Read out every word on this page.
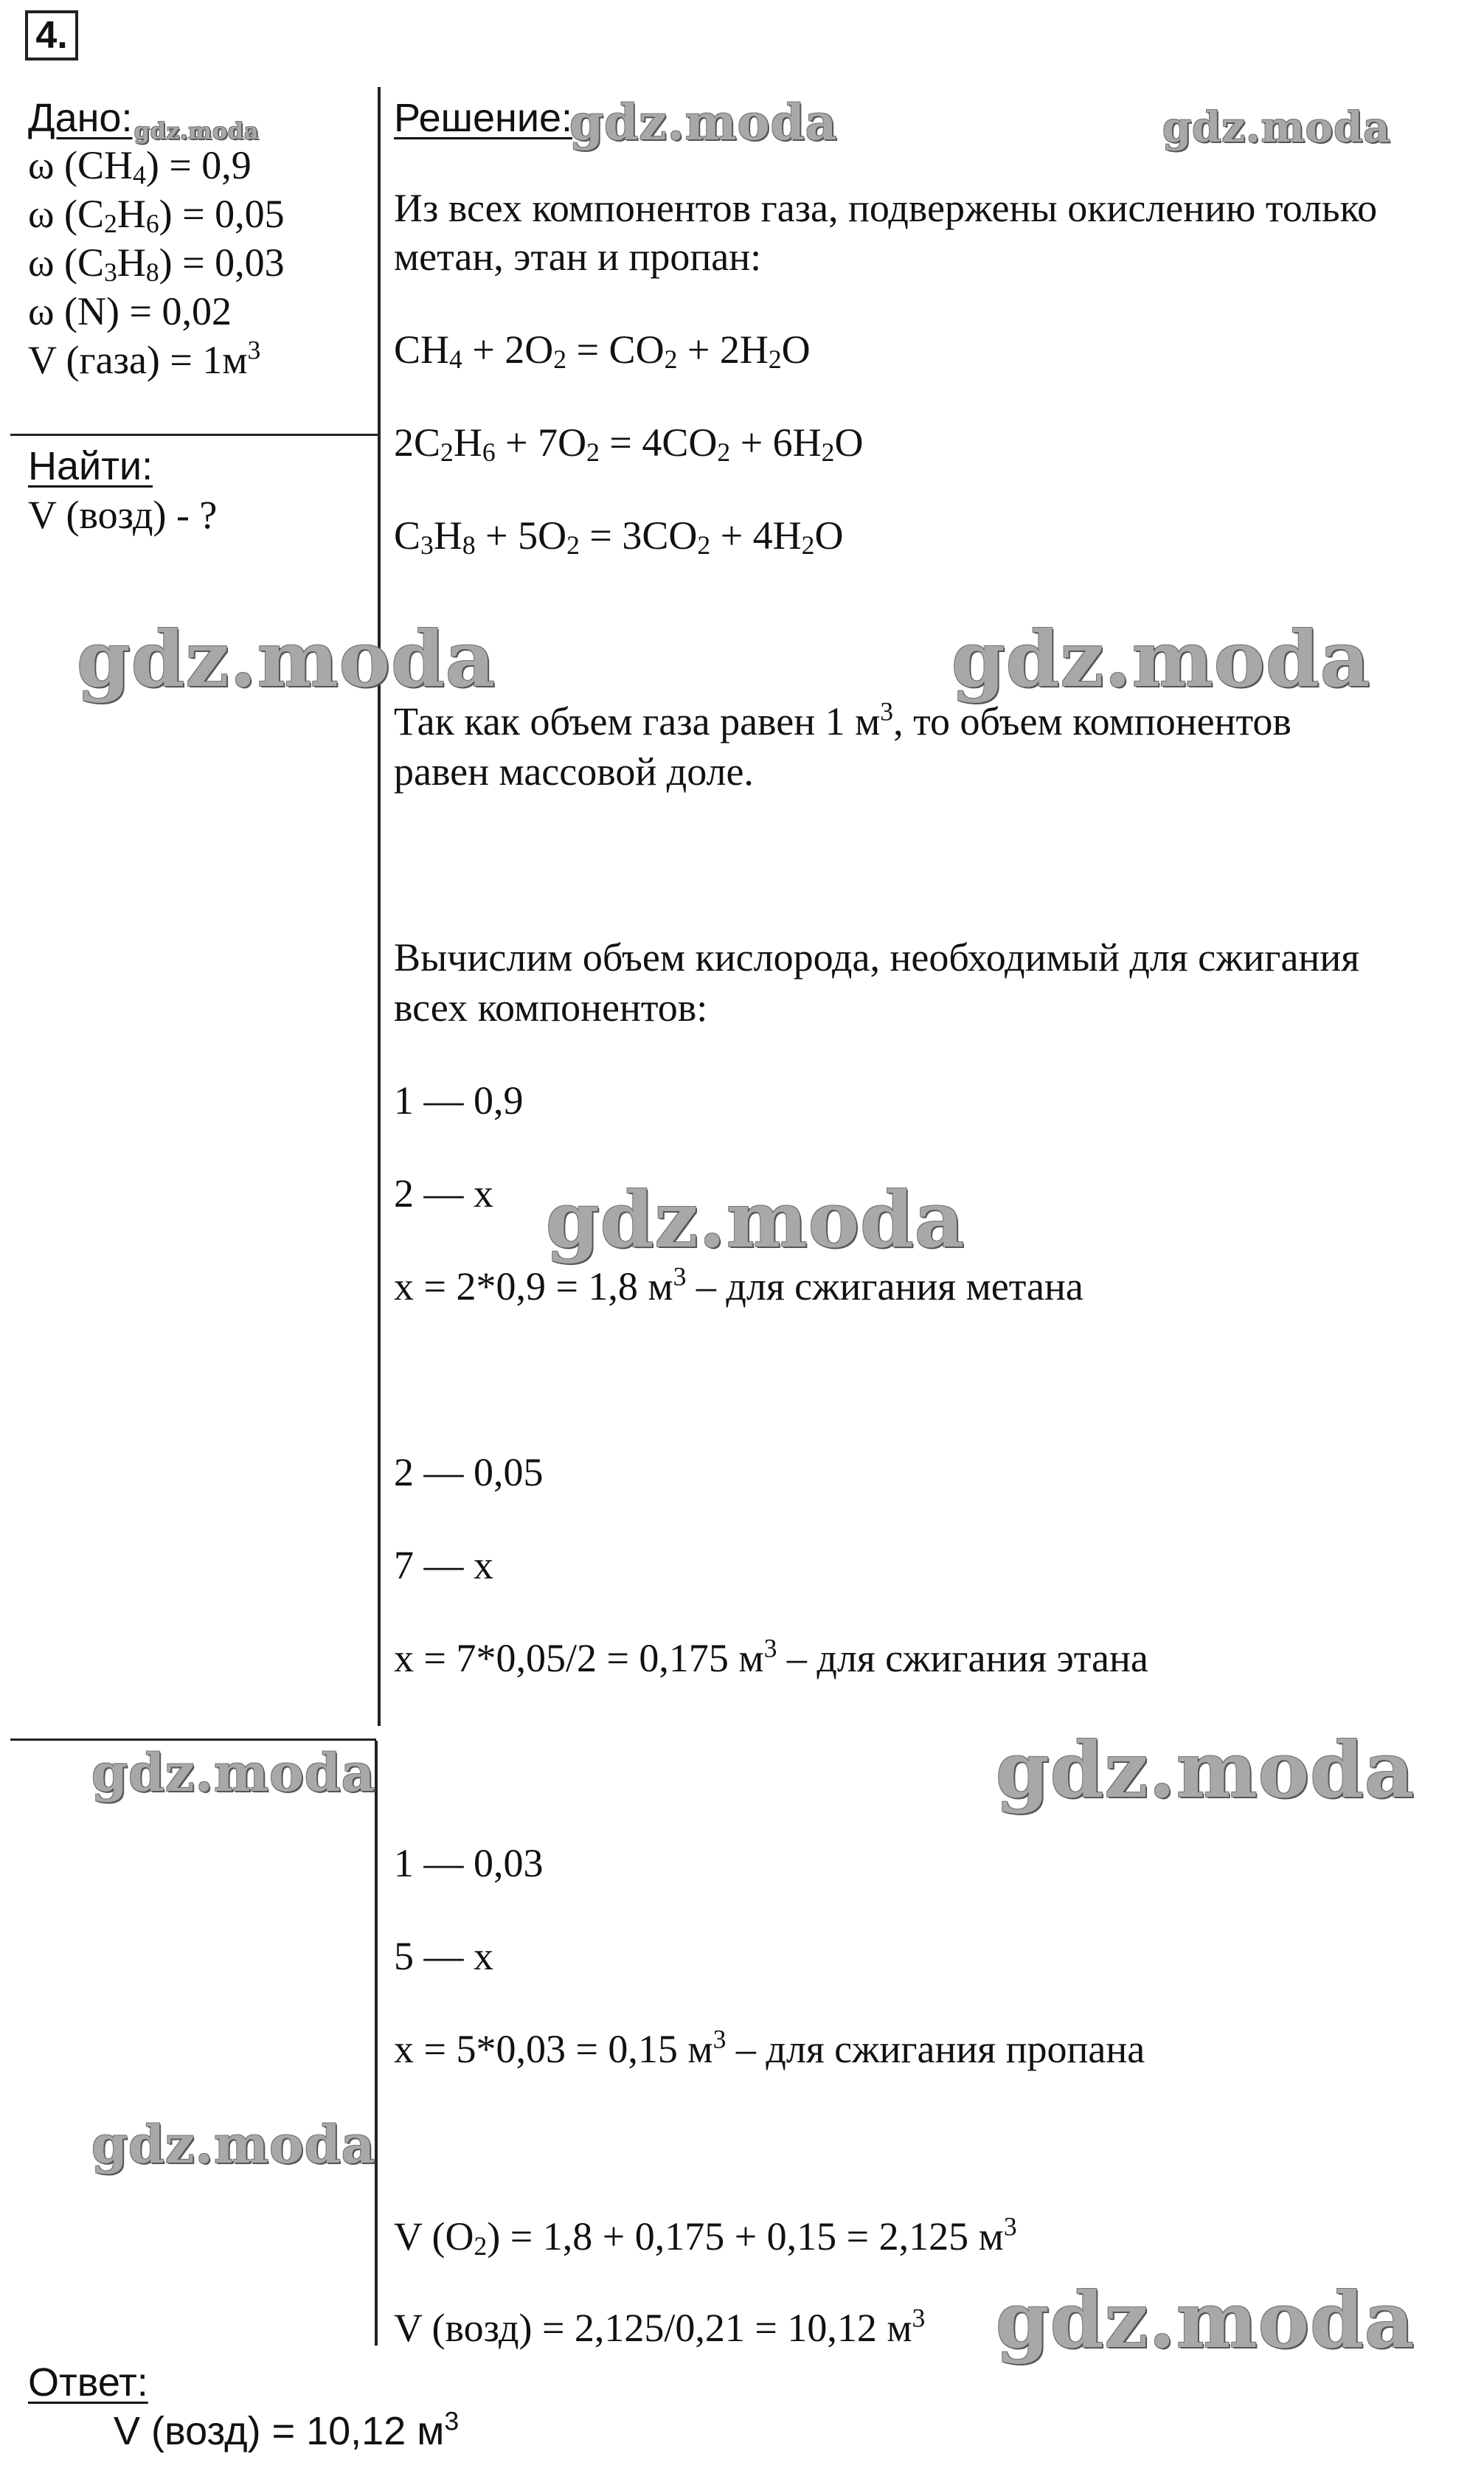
4.
Дано:
ω $(CH_4) = 0,9$
ω $(C_2H_6) = 0,05$
ω $(C_3H_8) = 0,03$
ω (N) = 0,02
V (газа) = $1м^3$
Найти:
V (возд) - ?
Решение:
Из всех компонентов газа, подвержены окислению только
метан, этан и пропан:
$CH_4 + 2O_2 = CO_2 + 2H_2O$
$2C_2H_6 + 7O_2 = 4CO_2 + 6H_2O$
$C_3H_8 + 5O_2 = 3CO_2 + 4H_2O$
Так как объем газа равен 1 $м^3$, то объем компонентов
равен массовой доле.
Вычислим объем кислорода, необходимый для сжигания
всех компонентов:
1 — 0,9
2 — x
x = 2*0,9 = 1,8 $м^3$ – для сжигания метана
2 — 0,05
7 — x
x = 7*0,05/2 = 0,175 $м^3$ – для сжигания этана
1 — 0,03
5 — x
x = 5*0,03 = 0,15 $м^3$ – для сжигания пропана
V $(O_2) = 1,8 + 0,175 + 0,15 = 2,125$ $м^3$
V (возд) = 2,125/0,21 = 10,12 $м^3$
Ответ:
V (возд) = 10,12 $м^3$
gdz.moda	gdz.moda	gdz.moda
gdz.moda	gdz.moda
gdz.moda
gdz.moda	gdz.moda
gdz.moda
gdz.moda
